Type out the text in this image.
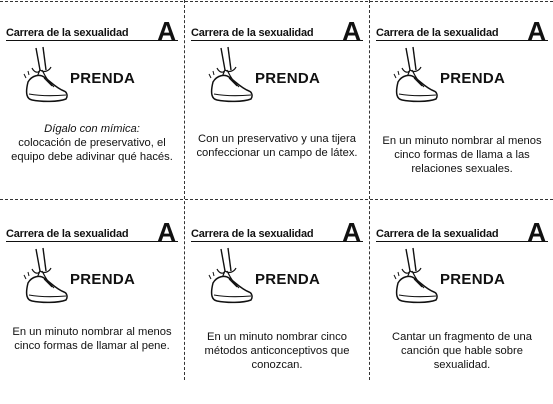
Carrera de la sexualidad A
PRENDA
Dígalo con mímica:
colocación de preservativo, el equipo debe adivinar qué hacés.
Carrera de la sexualidad A
PRENDA
Con un preservativo y una tijera confeccionar un campo de látex.
Carrera de la sexualidad A
PRENDA
En un minuto nombrar al menos cinco formas de llama a las relaciones sexuales.
Carrera de la sexualidad A
PRENDA
En un minuto nombrar al menos cinco formas de llamar al pene.
Carrera de la sexualidad A
PRENDA
En un minuto nombrar cinco métodos anticonceptivos que conozcan.
Carrera de la sexualidad A
PRENDA
Cantar un fragmento de una canción que hable sobre sexualidad.
